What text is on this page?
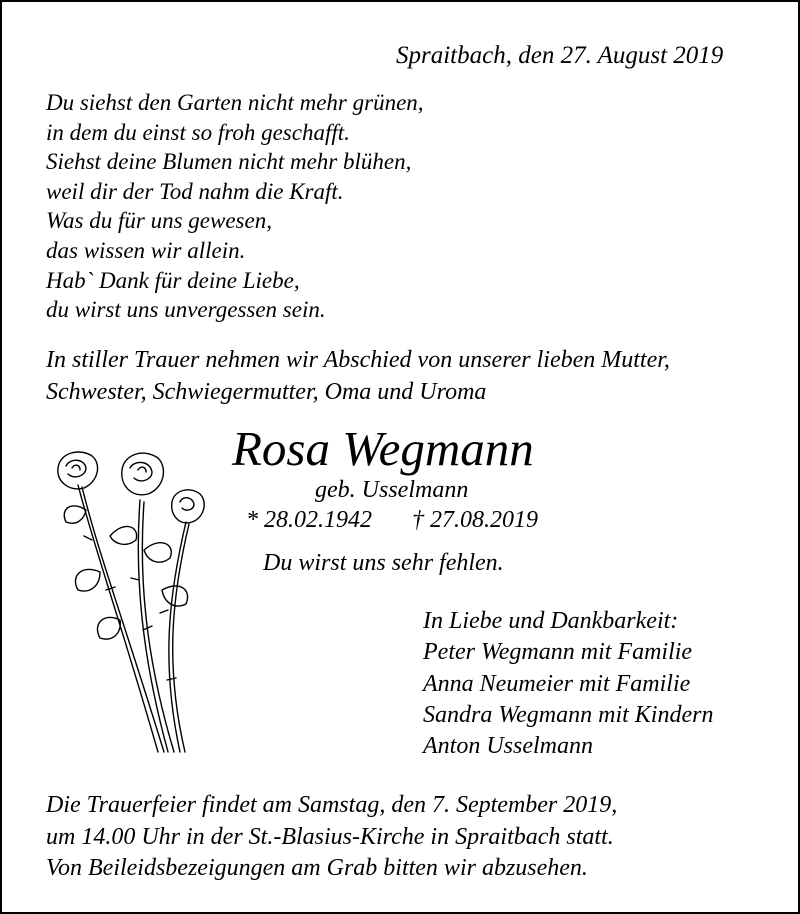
Spraitbach, den 27. August 2019
Du siehst den Garten nicht mehr grünen,
in dem du einst so froh geschafft.
Siehst deine Blumen nicht mehr blühen,
weil dir der Tod nahm die Kraft.
Was du für uns gewesen,
das wissen wir allein.
Hab` Dank für deine Liebe,
du wirst uns unvergessen sein.
In stiller Trauer nehmen wir Abschied von unserer lieben Mutter,
Schwester, Schwiegermutter, Oma und Uroma
Rosa Wegmann
geb. Usselmann
* 28.02.1942 † 27.08.2019
Du wirst uns sehr fehlen.
In Liebe und Dankbarkeit:
Peter Wegmann mit Familie
Anna Neumeier mit Familie
Sandra Wegmann mit Kindern
Anton Usselmann
Die Trauerfeier findet am Samstag, den 7. September 2019,
um 14.00 Uhr in der St.-Blasius-Kirche in Spraitbach statt.
Von Beileidsbezeigungen am Grab bitten wir abzusehen.
